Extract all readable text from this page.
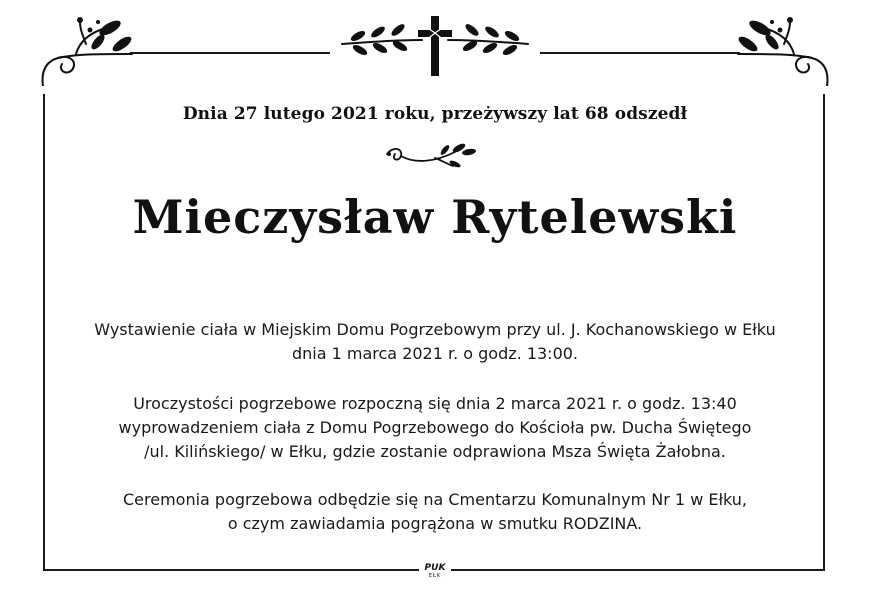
Dnia 27 lutego 2021 roku, przeżywszy lat 68 odszedł
Mieczysław Rytelewski
Wystawienie ciała w Miejskim Domu Pogrzebowym przy ul. J. Kochanowskiego w Ełku
dnia 1 marca 2021 r. o godz. 13:00.
Uroczystości pogrzebowe rozpoczną się dnia 2 marca 2021 r. o godz. 13:40
wyprowadzeniem ciała z Domu Pogrzebowego do Kościoła pw. Ducha Świętego
/ul. Kilińskiego/ w Ełku, gdzie zostanie odprawiona Msza Święta Żałobna.
Ceremonia pogrzebowa odbędzie się na Cmentarzu Komunalnym Nr 1 w Ełku,
o czym zawiadamia pogrążona w smutku RODZINA.
PUK
EŁK
